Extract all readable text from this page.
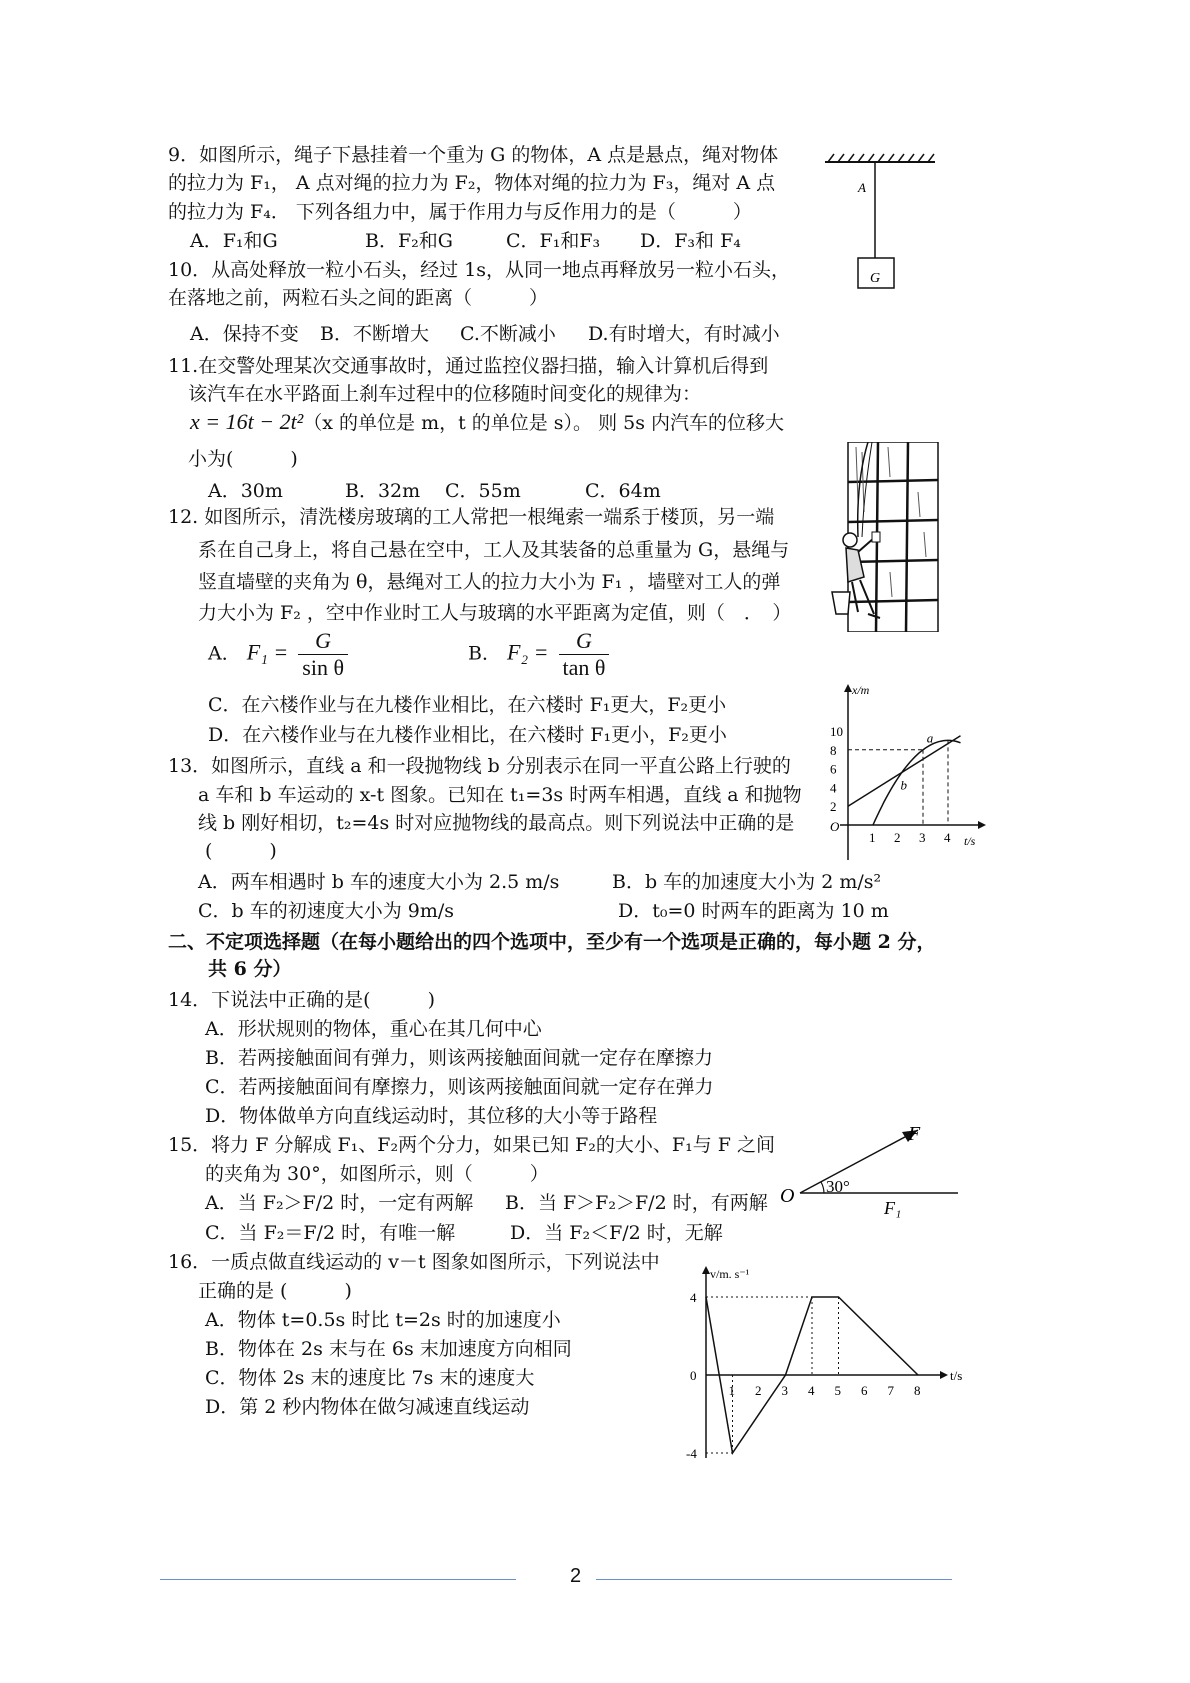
9．如图所示，绳子下悬挂着一个重为 G 的物体，A 点是悬点，绳对物体
的拉力为 F₁， A 点对绳的拉力为 F₂，物体对绳的拉力为 F₃，绳对 A 点
的拉力为 F₄． 下列各组力中，属于作用力与反作用力的是（　　　）
A．F₁和G	B．F₂和G	C．F₁和F₃ D．F₃和 F₄
A
G
10．从高处释放一粒小石头，经过 1s，从同一地点再释放另一粒小石头，
在落地之前，两粒石头之间的距离（　　　）
A．保持不变 B．不断增大 C.不断减小 D.有时增大，有时减小
11.在交警处理某次交通事故时，通过监控仪器扫描，输入计算机后得到
该汽车在水平路面上刹车过程中的位移随时间变化的规律为：
x = 16t − 2t²（x 的单位是 m，t 的单位是 s）。 则 5s 内汽车的位移大
小为(　　　)
A．30m	B．32m C．55m	C．64m
12. 如图所示，清洗楼房玻璃的工人常把一根绳索一端系于楼顶，另一端
系在自己身上，将自己悬在空中，工人及其装备的总重量为 G，悬绳与
竖直墙壁的夹角为 θ，悬绳对工人的拉力大小为 F₁ ，墙壁对工人的弹
力大小为 F₂ ，空中作业时工人与玻璃的水平距离为定值，则（　．　）
A． $F_1 = \frac{G}{\text{sin θ}}$	B． $F_2 = \frac{G}{\text{tan θ}}$
C．在六楼作业与在九楼作业相比，在六楼时 F₁更大，F₂更小
D．在六楼作业与在九楼作业相比，在六楼时 F₁更小，F₂更小
x/m
t/s
O
2
4
6
8
10
1 2 3 4
a
b
13．如图所示，直线 a 和一段抛物线 b 分别表示在同一平直公路上行驶的
a 车和 b 车运动的 x-t 图象。已知在 t₁=3s 时两车相遇，直线 a 和抛物
线 b 刚好相切，t₂=4s 时对应抛物线的最高点。则下列说法中正确的是
(　　　)
A．两车相遇时 b 车的速度大小为 2.5 m/s	B．b 车的加速度大小为 2 m/s²
C．b 车的初速度大小为 9m/s	D．t₀=0 时两车的距离为 10 m
二、不定项选择题（在每小题给出的四个选项中，至少有一个选项是正确的，每小题 2 分，
共 6 分）
14．下说法中正确的是(　　　)
A．形状规则的物体，重心在其几何中心
B．若两接触面间有弹力，则该两接触面间就一定存在摩擦力
C．若两接触面间有摩擦力，则该两接触面间就一定存在弹力
D．物体做单方向直线运动时，其位移的大小等于路程
15．将力 F 分解成 F₁、F₂两个分力，如果已知 F₂的大小、F₁与 F 之间
的夹角为 30°，如图所示，则（　　　）
A．当 F₂＞F/2 时，一定有两解 B．当 F＞F₂＞F/2 时，有两解
C．当 F₂＝F/2 时，有唯一解	D．当 F₂＜F/2 时，无解
F
O 30°
F₁
16．一质点做直线运动的 v－t 图象如图所示，下列说法中
正确的是 (　　　)
A．物体 t=0.5s 时比 t=2s 时的加速度小
B．物体在 2s 末与在 6s 末加速度方向相同
C．物体 2s 末的速度比 7s 末的速度大
D．第 2 秒内物体在做匀减速直线运动
v/m. s⁻¹
t/s
4
0
-4
1 2 3 4 5 6 7 8
2
